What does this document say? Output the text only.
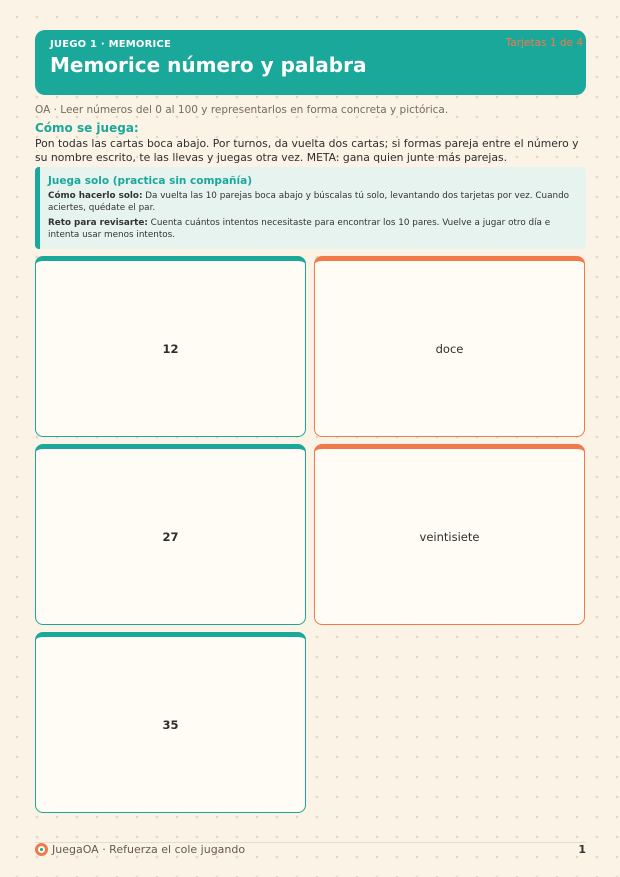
JUEGO 1 · MEMORICE
Memorice número y palabra
Tarjetas 1 de 4
OA · Leer números del 0 al 100 y representarlos en forma concreta y pictórica.
Cómo se juega:
Pon todas las cartas boca abajo. Por turnos, da vuelta dos cartas; si formas pareja entre el número y su nombre escrito, te las llevas y juegas otra vez. META: gana quien junte más parejas.
Juega solo (practica sin compañía)

Cómo hacerlo solo: Da vuelta las 10 parejas boca abajo y búscalas tú solo, levantando dos tarjetas por vez. Cuando aciertes, quédate el par.

Reto para revisarte: Cuenta cuántos intentos necesitaste para encontrar los 10 pares. Vuelve a jugar otro día e intenta usar menos intentos.

12	doce
27	veintisiete
35
JuegaOA · Refuerza el cole jugando	1
